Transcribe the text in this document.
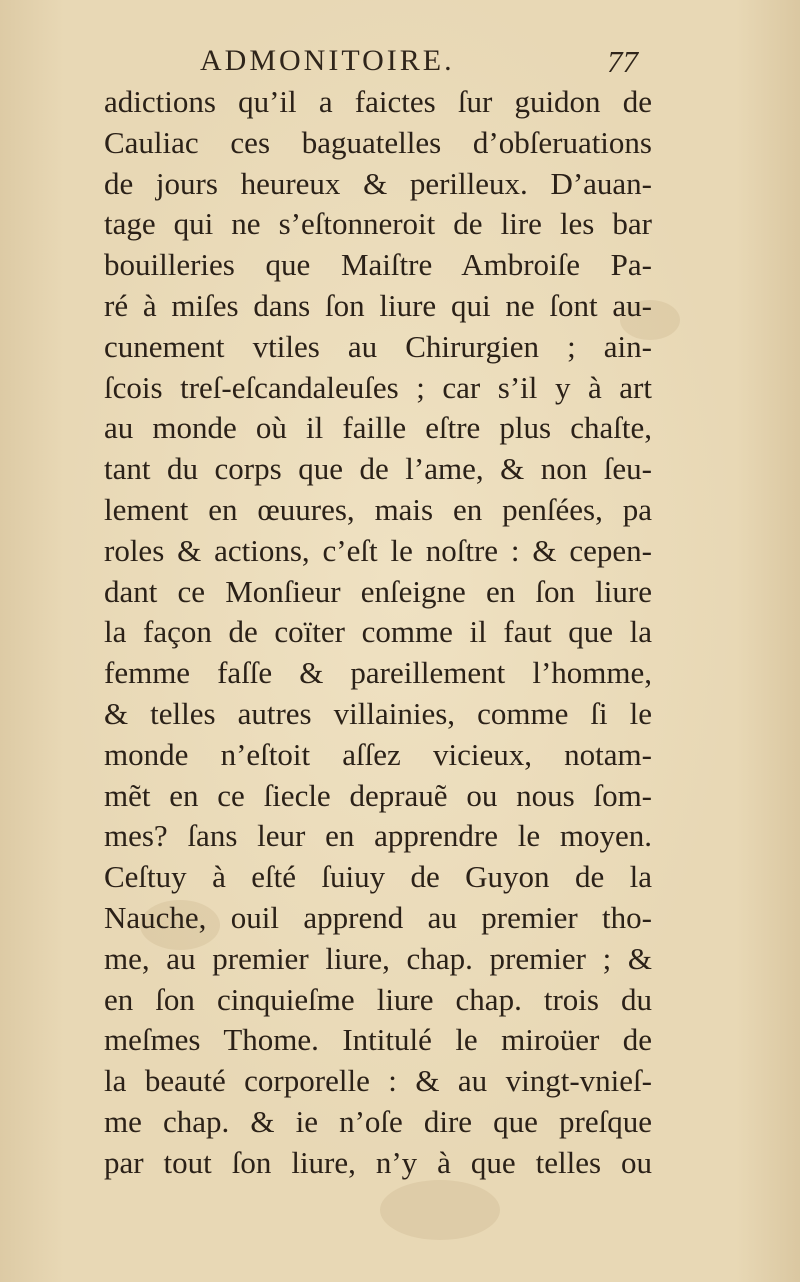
ADMONITOIRE.	77
adictions qu’il a faictes ſur guidon de
Cauliac ces baguatelles d’obſeruations
de jours heureux & perilleux. D’auan-
tage qui ne s’eſtonneroit de lire les bar
bouilleries que Maiſtre Ambroiſe Pa-
ré à miſes dans ſon liure qui ne ſont au-
cunement vtiles au Chirurgien ; ain-
ſcois treſ-eſcandaleuſes ; car s’il y à art
au monde où il faille eſtre plus chaſte,
tant du corps que de l’ame, & non ſeu-
lement en œuures, mais en penſées, pa
roles & actions, c’eſt le noſtre : & cepen-
dant ce Monſieur enſeigne en ſon liure
la façon de coïter comme il faut que la
femme faſſe & pareillement l’homme,
& telles autres villainies, comme ſi le
monde n’eſtoit aſſez vicieux, notam-
mẽt en ce ſiecle deprauẽ ou nous ſom-
mes? ſans leur en apprendre le moyen.
Ceſtuy à eſté ſuiuy de Guyon de la
Nauche, ouil apprend au premier tho-
me, au premier liure, chap. premier ; &
en ſon cinquieſme liure chap. trois du
meſmes Thome. Intitulé le miroüer de
la beauté corporelle : & au vingt-vnieſ-
me chap. & ie n’oſe dire que preſque
par tout ſon liure, n’y à que telles ou
